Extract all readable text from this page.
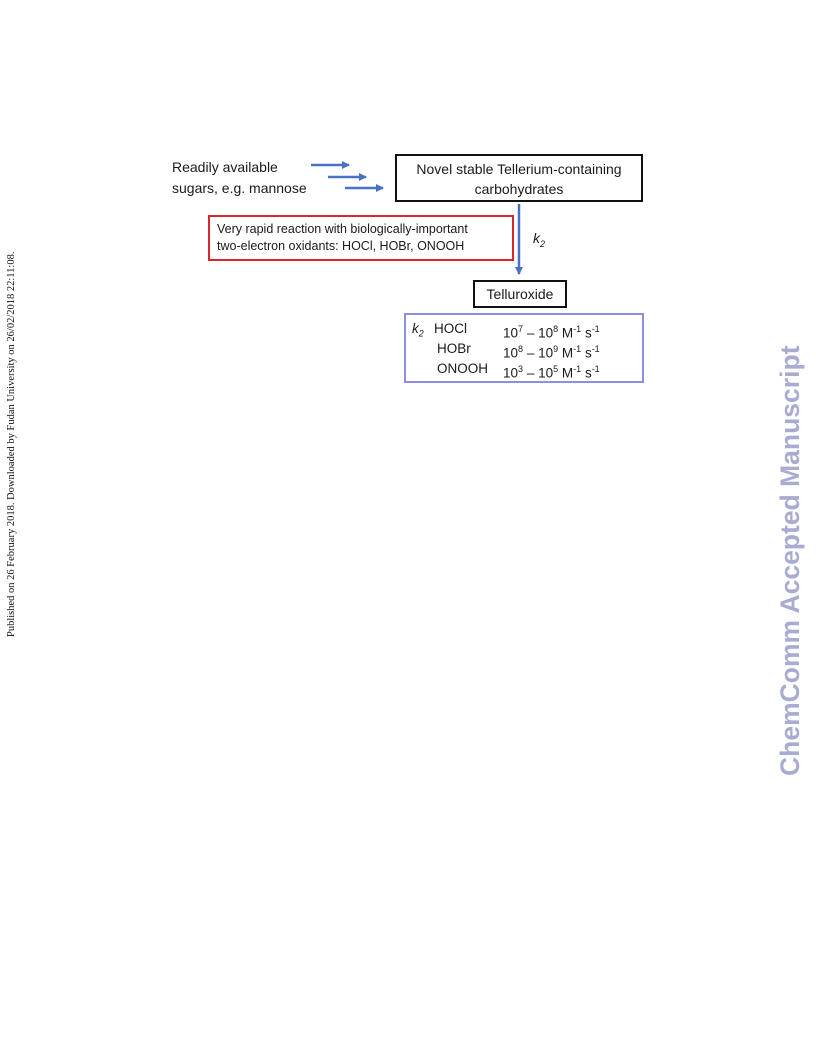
Published on 26 February 2018. Downloaded by Fudan University on 26/02/2018 22:11:08.	ChemComm Accepted Manuscript
Readily available
sugars, e.g. mannose
Novel stable Tellerium-containing
carbohydrates
Very rapid reaction with biologically-important
two-electron oxidants: HOCl, HOBr, ONOOH	$k_2$
Telluroxide
$k_2$ HOCl	$10^7 - 10^8$ $M^{-1}$ $s^{-1}$
HOBr $10^8 - 10^9$ $M^{-1}$ $s^{-1}$
ONOOH $10^3 - 10^5$ $M^{-1}$ $s^{-1}$
